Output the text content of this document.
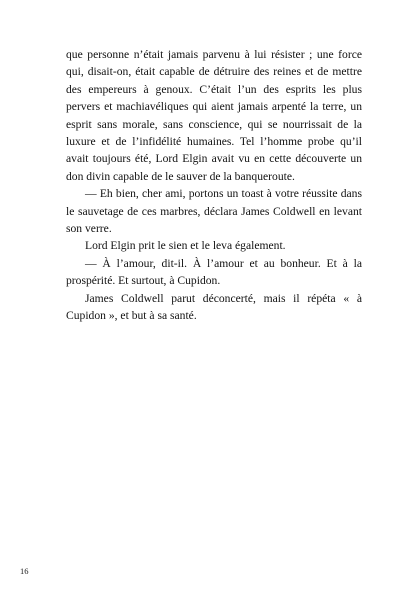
que personne n’était jamais parvenu à lui résister ; une force qui, disait-on, était capable de détruire des reines et de mettre des empereurs à genoux. C’était l’un des esprits les plus pervers et machiavéliques qui aient jamais arpenté la terre, un esprit sans morale, sans conscience, qui se nourrissait de la luxure et de l’infidélité humaines. Tel l’homme probe qu’il avait toujours été, Lord Elgin avait vu en cette découverte un don divin capable de le sauver de la banqueroute.

— Eh bien, cher ami, portons un toast à votre réussite dans le sauvetage de ces marbres, déclara James Coldwell en levant son verre.

Lord Elgin prit le sien et le leva également.

— À l’amour, dit-il. À l’amour et au bonheur. Et à la prospérité. Et surtout, à Cupidon.

James Coldwell parut déconcerté, mais il répéta « à Cupidon », et but à sa santé.

16
